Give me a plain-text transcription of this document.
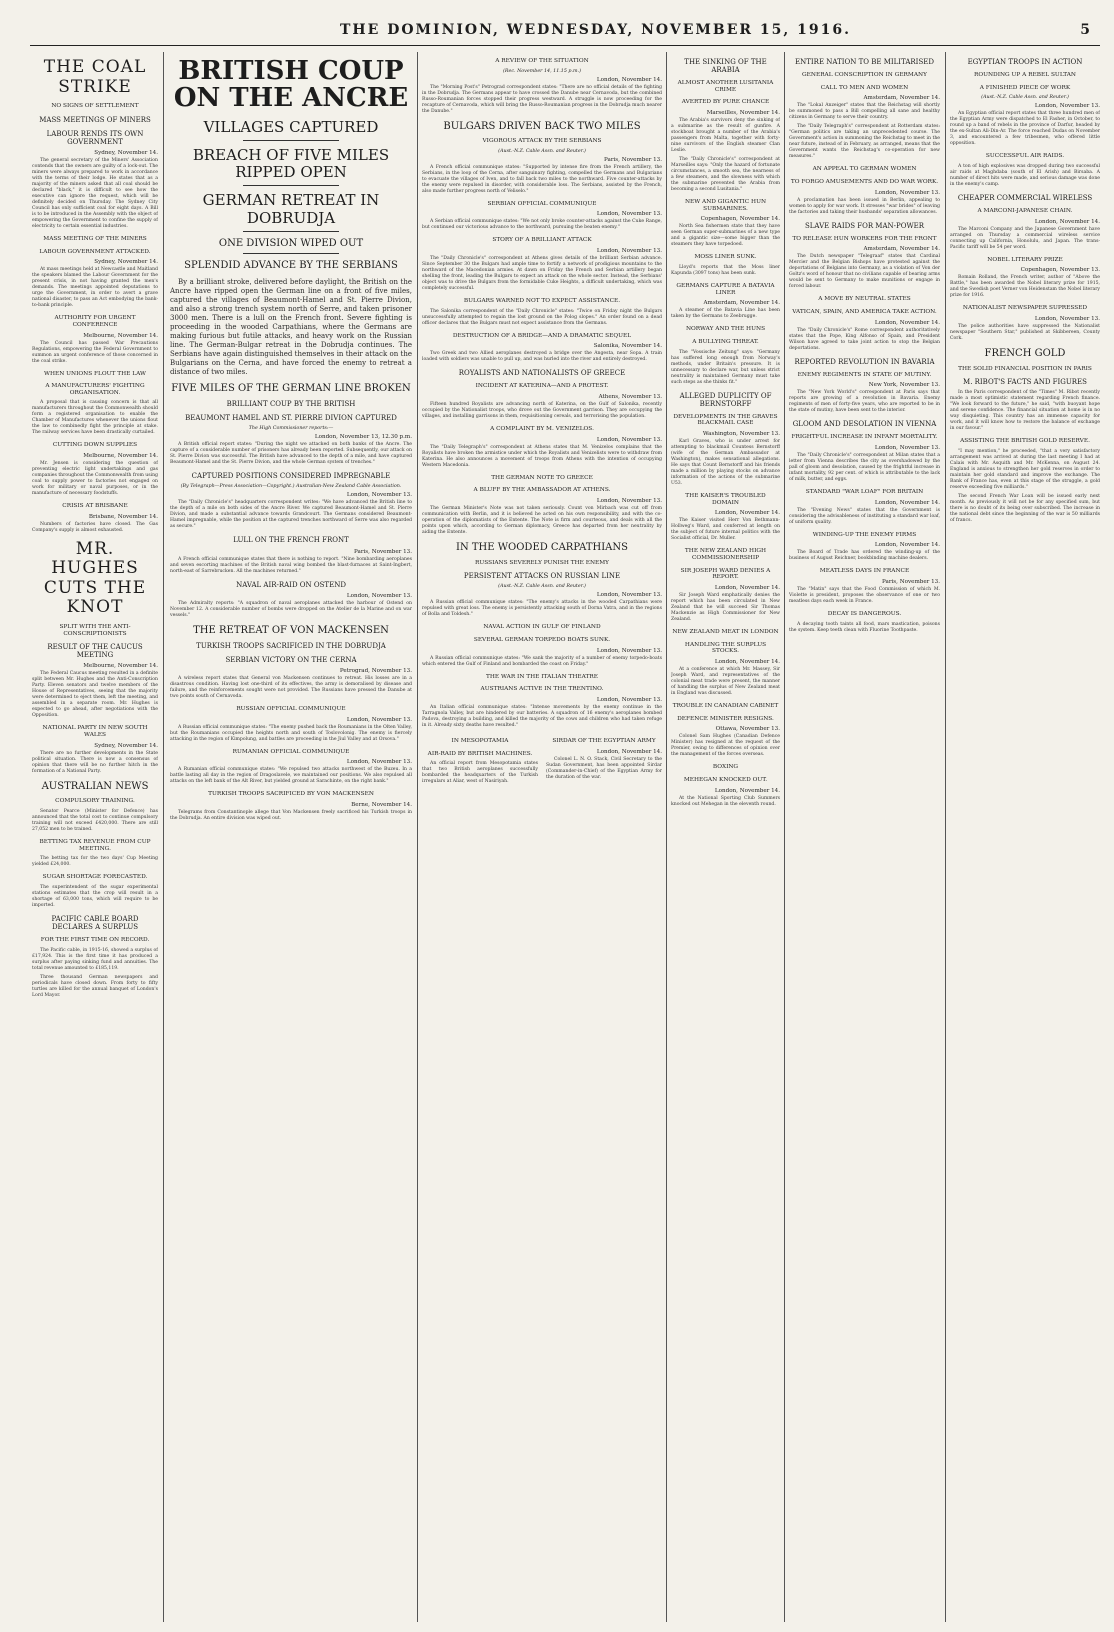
THE DOMINION, WEDNESDAY, NOVEMBER 15, 1916.	5
THE COAL STRIKE
NO SIGNS OF SETTLEMENT
MASS MEETINGS OF MINERS
LABOUR RENDS ITS OWN GOVERNMENT
Sydney, November 14.

The general secretary of the Miners' Association contends that the owners are guilty of a lock-out. The miners were always prepared to work in accordance with the terms of their lodge. He states that as a majority of the miners asked that all coal should be declared "black," it is difficult to see how the executive can ignore the request, which will be definitely decided on Thursday. The Sydney City Council has only sufficient coal for eight days. A Bill is to be introduced in the Assembly with the object of empowering the Government to confine the supply of electricity to certain essential industries.

MASS MEETING OF THE MINERS
LABOUR GOVERNMENT ATTACKED.
Sydney, November 14.

At mass meetings held at Newcastle and Maitland the speakers blamed the Labour Government for the present crisis, in not having granted the men's demands. The meetings appointed deputations to urge the Government, in order to avert a grave national disaster, to pass an Act embodying the bank-to-bank principle.

AUTHORITY FOR URGENT CONFERENCE
Melbourne, November 14.

The Council has passed War Precautions Regulations, empowering the Federal Government to summon an urgent conference of those concerned in the coal strike.

WHEN UNIONS FLOUT THE LAW
A MANUFACTURERS' FIGHTING ORGANISATION.

A proposal that is causing concern is that all manufacturers throughout the Commonwealth should form a registered organisation to enable the Chamber of Manufactures whenever the unions flout the law to combinedly fight the principle at stake. The railway services have been drastically curtailed.

CUTTING DOWN SUPPLIES
Melbourne, November 14.

Mr. Jensen is considering the question of preventing electric light undertakings and gas companies throughout the Commonwealth from using coal to supply power to factories not engaged on work for military or naval purposes, or in the manufacture of necessary foodstuffs.

CRISIS AT BRISBANE
Brisbane, November 14.

Numbers of factories have closed. The Gas Company's supply is almost exhausted.

MR. HUGHES CUTS THE KNOT
SPLIT WITH THE ANTI-CONSCRIPTIONISTS
RESULT OF THE CAUCUS MEETING
Melbourne, November 14.

The Federal Caucus meeting resulted in a definite split between Mr. Hughes and the Anti-Conscription Party. Eleven senators and twelve members of the House of Representatives, seeing that the majority were determined to eject them, left the meeting, and assembled in a separate room. Mr. Hughes is expected to go ahead, after negotiations with the Opposition.

NATIONAL PARTY IN NEW SOUTH WALES
Sydney, November 14.

There are no further developments in the State political situation. There is now a consensus of opinion that there will be no further hitch in the formation of a National Party.

AUSTRALIAN NEWS
COMPULSORY TRAINING.

Senator Pearce (Minister for Defence) has announced that the total cost to continue compulsory training will not exceed £420,000. There are still 27,052 men to be trained.

BETTING TAX REVENUE FROM CUP MEETING.

The betting tax for the two days' Cup Meeting yielded £24,000.

SUGAR SHORTAGE FORECASTED.

The superintendent of the sugar experimental stations estimates that the crop will result in a shortage of 63,000 tons, which will require to be imported.

PACIFIC CABLE BOARD DECLARES A SURPLUS
FOR THE FIRST TIME ON RECORD.

The Pacific cable, in 1915-16, showed a surplus of £17,924. This is the first time it has produced a surplus after paying sinking fund and annuities. The total revenue amounted to £185,119.

Three thousand German newspapers and periodicals have closed down. From forty to fifty turtles are killed for the annual banquet of London's Lord Mayor.

BRITISH COUP ON THE ANCRE
VILLAGES CAPTURED
BREACH OF FIVE MILES RIPPED OPEN
GERMAN RETREAT IN DOBRUDJA
ONE DIVISION WIPED OUT
SPLENDID ADVANCE BY THE SERBIANS

By a brilliant stroke, delivered before daylight, the British on the Ancre have ripped open the German line on a front of five miles, captured the villages of Beaumont-Hamel and St. Pierre Divion, and also a strong trench system north of Serre, and taken prisoner 3000 men. There is a lull on the French front. Severe fighting is proceeding in the wooded Carpathians, where the Germans are making furious but futile attacks, and heavy work on the Russian line. The German-Bulgar retreat in the Dobrudja continues. The Serbians have again distinguished themselves in their attack on the Bulgarians on the Cerna, and have forced the enemy to retreat a distance of two miles.

FIVE MILES OF THE GERMAN LINE BROKEN
BRILLIANT COUP BY THE BRITISH
BEAUMONT HAMEL AND ST. PIERRE DIVION CAPTURED
The High Commissioner reports:—
London, November 13, 12.30 p.m.

A British official report states: "During the night we attacked on both banks of the Ancre. The capture of a considerable number of prisoners has already been reported. Subsequently, our attack on St. Pierre Divion was successful. The British have advanced to the depth of a mile, and have captured Beaumont-Hamel and the St. Pierre Divion, and the whole German system of trenches."

CAPTURED POSITIONS CONSIDERED IMPREGNABLE
(By Telegraph—Press Association—Copyright.) Australian-New Zealand Cable Association.
London, November 13.

The "Daily Chronicle's" headquarters correspondent writes: "We have advanced the British line to the depth of a mile on both sides of the Ancre River. We captured Beaumont-Hamel and St. Pierre Divion, and made a substantial advance towards Grandcourt. The Germans considered Beaumont-Hamel impregnable, while the position at the captured trenches northward of Serre was also regarded as secure."

LULL ON THE FRENCH FRONT
Paris, November 13.

A French official communique states that there is nothing to report. "Nine bombarding aeroplanes and seven escorting machines of the British naval wing bombed the blast-furnaces at Saint-Ingbert, north-east of Sarrebrucken. All the machines returned."

NAVAL AIR-RAID ON OSTEND
London, November 13.

The Admiralty reports: "A squadron of naval aeroplanes attacked the harbour of Ostend on November 12. A considerable number of bombs were dropped on the Atelier de la Marine and on war vessels."

THE RETREAT OF VON MACKENSEN
TURKISH TROOPS SACRIFICED IN THE DOBRUDJA
SERBIAN VICTORY ON THE CERNA
Petrograd, November 13.

A wireless report states that General von Mackensen continues to retreat. His losses are in a disastrous condition. Having lost one-third of its effectives, the army is demoralised by disease and failure, and the reinforcements sought were not provided. The Russians have pressed the Danube at two points south of Cernavoda.

RUSSIAN OFFICIAL COMMUNIQUE
London, November 13.

A Russian official communique states: "The enemy pushed back the Roumanians in the Olten Valley, but the Roumanians occupied the heights north and south of Toslovolonig. The enemy is fiercely attacking in the region of Kimpolung, and battles are proceeding in the Jiul Valley and at Orsova."

RUMANIAN OFFICIAL COMMUNIQUE
London, November 13.

A Rumanian official communique states: "We repulsed two attacks northwest of the Buzeu. In a battle lasting all day in the region of Dragoslavele, we maintained our positions. We also repulsed all attacks on the left bank of the Alt River, but yielded ground at Sarachinte, on the right bank."

TURKISH TROOPS SACRIFICED BY VON MACKENSEN
Berne, November 14.

Telegrams from Constantinople allege that Von Mackensen freely sacrificed his Turkish troops in the Dobrudja. An entire division was wiped out.

A REVIEW OF THE SITUATION
(Rec. November 14, 11.15 p.m.)
London, November 14.

The "Morning Post's" Petrograd correspondent states: "There are no official details of the fighting in the Dobrudja. The Germans appear to have crossed the Danube near Cernavoda, but the combined Russo-Roumanian forces stopped their progress westward. A struggle is now proceeding for the recapture of Cernavoda, which will bring the Russo-Roumanian progress in the Dobrudja much nearer the Danube."

BULGARS DRIVEN BACK TWO MILES
VIGOROUS ATTACK BY THE SERBIANS
(Aust.-N.Z. Cable Assn. and Reuter.)
Paris, November 13.

A French official communique states: "Supported by intense fire from the French artillery, the Serbians, in the loop of the Cerna, after sanguinary fighting, compelled the Germans and Bulgarians to evacuate the villages of Iven, and to fall back two miles to the northward. Five counter-attacks by the enemy were repulsed in disorder, with considerable loss. The Serbians, assisted by the French, also made further progress north of Veliselo."

SERBIAN OFFICIAL COMMUNIQUE
London, November 13.

A Serbian official communique states: "We not only broke counter-attacks against the Cuke Range, but continued our victorious advance to the northward, pursuing the beaten enemy."

STORY OF A BRILLIANT ATTACK
London, November 13.

The "Daily Chronicle's" correspondent at Athens gives details of the brilliant Serbian advance. Since September 30 the Bulgars had ample time to fortify a network of prodigious mountains to the northward of the Macedonian armies. At dawn on Friday the French and Serbian artillery began shelling the front, leading the Bulgars to expect an attack on the whole sector. Instead, the Serbians' object was to drive the Bulgars from the formidable Cuke Heights, a difficult undertaking, which was completely successful.

BULGARS WARNED NOT TO EXPECT ASSISTANCE.

The Salonika correspondent of the "Daily Chronicle" states: "Twice on Friday night the Bulgars unsuccessfully attempted to regain the lost ground on the Polog slopes." An order found on a dead officer declares that the Bulgars must not expect assistance from the Germans.

DESTRUCTION OF A BRIDGE—AND A DRAMATIC SEQUEL
Salonika, November 14.

Two Greek and two Allied aeroplanes destroyed a bridge over the Angesta, near Sopa. A train loaded with soldiers was unable to pull up, and was hurled into the river and entirely destroyed.

ROYALISTS AND NATIONALISTS OF GREECE
INCIDENT AT KATERINA—AND A PROTEST.
Athens, November 13.

Fifteen hundred Royalists are advancing north of Katerina, on the Gulf of Salonika, recently occupied by the Nationalist troops, who drove out the Government garrison. They are occupying the villages, and installing garrisons in them, requisitioning cereals, and terrorising the population.

A COMPLAINT BY M. VENIZELOS.
London, November 13.

The "Daily Telegraph's" correspondent at Athens states that M. Venizelos complains that the Royalists have broken the armistice under which the Royalists and Venizelists were to withdraw from Katerina. He also announces a movement of troops from Athens with the intention of occupying Western Macedonia.

THE GERMAN NOTE TO GREECE
A BLUFF BY THE AMBASSADOR AT ATHENS.
London, November 13.

The German Minister's Note was not taken seriously. Count von Mirbach was cut off from communication with Berlin, and it is believed he acted on his own responsibility, and with the co-operation of the diplomatists of the Entente. The Note is firm and courteous, and deals with all the points upon which, according to German diplomacy, Greece has departed from her neutrality by aiding the Entente.

IN THE WOODED CARPATHIANS
RUSSIANS SEVERELY PUNISH THE ENEMY
PERSISTENT ATTACKS ON RUSSIAN LINE
(Aust.-N.Z. Cable Assn. and Reuter.)
London, November 13.

A Russian official communique states: "The enemy's attacks in the wooded Carpathians were repulsed with great loss. The enemy is persistently attacking south of Dorna Vatra, and in the regions of Bolla and Toldesh."

NAVAL ACTION IN GULF OF FINLAND
SEVERAL GERMAN TORPEDO BOATS SUNK.
London, November 13.

A Russian official communique states: "We sank the majority of a number of enemy torpedo-boats which entered the Gulf of Finland and bombarded the coast on Friday."

THE WAR IN THE ITALIAN THEATRE
AUSTRIANS ACTIVE IN THE TRENTINO.
London, November 13.

An Italian official communique states: "Intense movements by the enemy continue in the Tarragnola Valley, but are hindered by our batteries. A squadron of 16 enemy's aeroplanes bombed Padova, destroying a building, and killed the majority of the cows and children who had taken refuge in it. Already sixty deaths have resulted."

IN MESOPOTAMIA
AIR-RAID BY BRITISH MACHINES.

An official report from Mesopotamia states that two British aeroplanes successfully bombarded the headquarters of the Turkish irregulars at Aliar, west of Nasiriyah.

SIRDAR OF THE EGYPTIAN ARMY
London, November 14.

Colonel L. N. O. Stack, Civil Secretary to the Sudan Government, has been appointed Sirdar (Commander-in-Chief) of the Egyptian Army for the duration of the war.

THE SINKING OF THE ARABIA
ALMOST ANOTHER LUSITANIA CRIME
AVERTED BY PURE CHANCE
Marseilles, November 14.

The Arabia's survivors deny the sinking of a submarine as the result of gunfire. A stockboat brought a number of the Arabia's passengers from Malta, together with forty-nine survivors of the English steamer Clan Leslie.

The "Daily Chronicle's" correspondent at Marseilles says: "Only the hazard of fortunate circumstances, a smooth sea, the nearness of a few steamers, and the slowness with which the submarine prevented the Arabia from becoming a second Lusitania."

NEW AND GIGANTIC HUN SUBMARINES.
Copenhagen, November 14.

North Sea fishermen state that they have seen German super-submarines of a new type and a gigantic size—some bigger than the steamers they have torpedoed.

MOSS LINER SUNK.

Lloyd's reports that the Moss liner Kapunda (3097 tons) has been sunk.

GERMANS CAPTURE A BATAVIA LINER
Amsterdam, November 14.

A steamer of the Batavia Line has been taken by the Germans to Zeebrugge.

NORWAY AND THE HUNS
A BULLYING THREAT.

The "Vossische Zeitung" says: "Germany has suffered long enough from Norway's methods, under Britain's pressure. It is unnecessary to declare war, but unless strict neutrality is maintained Germany must take such steps as she thinks fit."

ALLEGED DUPLICITY OF BERNSTORFF
DEVELOPMENTS IN THE GRAVES BLACKMAIL CASE
Washington, November 13.

Karl Graves, who is under arrest for attempting to blackmail Countess Bernstorff (wife of the German Ambassador at Washington), makes sensational allegations. He says that Count Bernstorff and his friends made a million by playing stocks on advance information of the actions of the submarine U53.

THE KAISER'S TROUBLED DOMAIN
London, November 14.

The Kaiser visited Herr Von Bethmann-Hollweg's Ward, and conferred at length on the subject of future internal politics with the Socialist official, Dr. Muller.

THE NEW ZEALAND HIGH COMMISSIONERSHIP
SIR JOSEPH WARD DENIES A REPORT.
London, November 14.

Sir Joseph Ward emphatically denies the report which has been circulated in New Zealand that he will succeed Sir Thomas Mackenzie as High Commissioner for New Zealand.

NEW ZEALAND MEAT IN LONDON
HANDLING THE SURPLUS STOCKS.
London, November 14.

At a conference at which Mr. Massey, Sir Joseph Ward, and representatives of the colonial meat trade were present, the manner of handling the surplus of New Zealand meat in England was discussed.

TROUBLE IN CANADIAN CABINET
DEFENCE MINISTER RESIGNS.
Ottawa, November 13.

Colonel Sam Hughes (Canadian Defence Minister) has resigned at the request of the Premier, owing to differences of opinion over the management of the forces overseas.

BOXING
MEHEGAN KNOCKED OUT.
London, November 14.

At the National Sporting Club Summers knocked out Mehegan in the eleventh round.

ENTIRE NATION TO BE MILITARISED
GENERAL CONSCRIPTION IN GERMANY
CALL TO MEN AND WOMEN
Amsterdam, November 14.

The "Lokal Anzeiger" states that the Reichstag will shortly be summoned to pass a Bill compelling all sane and healthy citizens in Germany to serve their country.

The "Daily Telegraph's" correspondent at Rotterdam states: "German politics are taking an unprecedented course. The Government's action in summoning the Reichstag to meet in the near future, instead of in February, as arranged, means that the Government wants the Reichstag's co-operation for new measures."

AN APPEAL TO GERMAN WOMEN
TO FORGO AMUSEMENTS AND DO WAR WORK.
London, November 13.

A proclamation has been issued in Berlin, appealing to women to apply for war work. It stresses "war brides" of leaving the factories and taking their husbands' separation allowances.

SLAVE RAIDS FOR MAN-POWER
TO RELEASE HUN WORKERS FOR THE FRONT
Amsterdam, November 14.

The Dutch newspaper "Telegraaf" states that Cardinal Mercier and the Belgian Bishops have protested against the deportations of Belgians into Germany, as a violation of Von der Goltz's word of honour that no civilians capable of bearing arms would be sent to Germany to make munitions or engage in forced labour.

A MOVE BY NEUTRAL STATES
VATICAN, SPAIN, AND AMERICA TAKE ACTION.
London, November 14.

The "Daily Chronicle's" Rome correspondent authoritatively states that the Pope, King Alfonso of Spain, and President Wilson have agreed to take joint action to stop the Belgian deportations.

REPORTED REVOLUTION IN BAVARIA
ENEMY REGIMENTS IN STATE OF MUTINY.
New York, November 13.

The "New York World's" correspondent at Paris says that reports are growing of a revolution in Bavaria. Enemy regiments of men of forty-five years, who are reported to be in the state of mutiny, have been sent to the interior.

GLOOM AND DESOLATION IN VIENNA
FRIGHTFUL INCREASE IN INFANT MORTALITY.
London, November 13.

The "Daily Chronicle's" correspondent at Milan states that a letter from Vienna describes the city as overshadowed by the pall of gloom and desolation, caused by the frightful increase in infant mortality, 92 per cent. of which is attributable to the lack of milk, butter, and eggs.

STANDARD "WAR LOAF" FOR BRITAIN
London, November 14.

The "Evening News" states that the Government is considering the advisableness of instituting a standard war loaf, of uniform quality.

WINDING-UP THE ENEMY FIRMS
London, November 14.

The Board of Trade has ordered the winding-up of the business of August Reichner, bookbinding machine dealers.

MEATLESS DAYS IN FRANCE
Paris, November 13.

The "Matin" says that the Food Commission of which M. Violette is president, proposes the observance of one or two meatless days each week in France.

DECAY IS DANGEROUS.

A decaying tooth taints all food, mars mastication, poisons the system. Keep teeth clean with Fluorine Toothpaste.

EGYPTIAN TROOPS IN ACTION
ROUNDING UP A REBEL SULTAN
A FINISHED PIECE OF WORK
(Aust.-N.Z. Cable Assn. and Reuter.)
London, November 13.

An Egyptian official report states that three hundred men of the Egyptian Army were dispatched to El Fasher, in October, to round up a band of rebels in the province of Darfur, headed by the ex-Sultan Ali-Din-Ar. The force reached Dudas on November 3, and encountered a few tribesmen, who offered little opposition.

SUCCESSFUL AIR RAIDS.

A ton of high explosives was dropped during two successful air raids at Maghdaba (south of El Arish) and Birsaba. A number of direct hits were made, and serious damage was done in the enemy's camp.

CHEAPER COMMERCIAL WIRELESS
A MARCONI-JAPANESE CHAIN.
London, November 14.

The Marconi Company and the Japanese Government have arranged on Thursday a commercial wireless service connecting up California, Honolulu, and Japan. The trans-Pacific tariff will be 54 per word.

NOBEL LITERARY PRIZE
Copenhagen, November 13.

Romain Rolland, the French writer, author of "Above the Battle," has been awarded the Nobel literary prize for 1915, and the Swedish poet Verner von Heidenstam the Nobel literary prize for 1916.

NATIONALIST NEWSPAPER SUPRESSED
London, November 13.

The police authorities have suppressed the Nationalist newspaper "Southern Star," published at Skibbereen, County Cork.

FRENCH GOLD
THE SOLID FINANCIAL POSITION IN PARIS
M. RIBOT'S FACTS AND FIGURES

In the Paris correspondent of the "Times" M. Ribot recently made a most optimistic statement regarding French finance. "We look forward to the future," he said, "with buoyant hope and serene confidence. The financial situation at home is in no way disquieting. This country has an immense capacity for work, and it will know how to restore the balance of exchange in our favour."

ASSISTING THE BRITISH GOLD RESERVE.

"I may mention," he proceeded, "that a very satisfactory arrangement was arrived at during the last meeting I had at Calais with Mr. Asquith and Mr. McKenna, on August 24. England is anxious to strengthen her gold reserves in order to maintain her gold standard and improve the exchange. The Bank of France has, even at this stage of the struggle, a gold reserve exceeding five milliards."

The second French War Loan will be issued early next month. As previously it will not be for any specified sum, but there is no doubt of its being over subscribed. The increase in the national debt since the beginning of the war is 50 milliards of francs.
